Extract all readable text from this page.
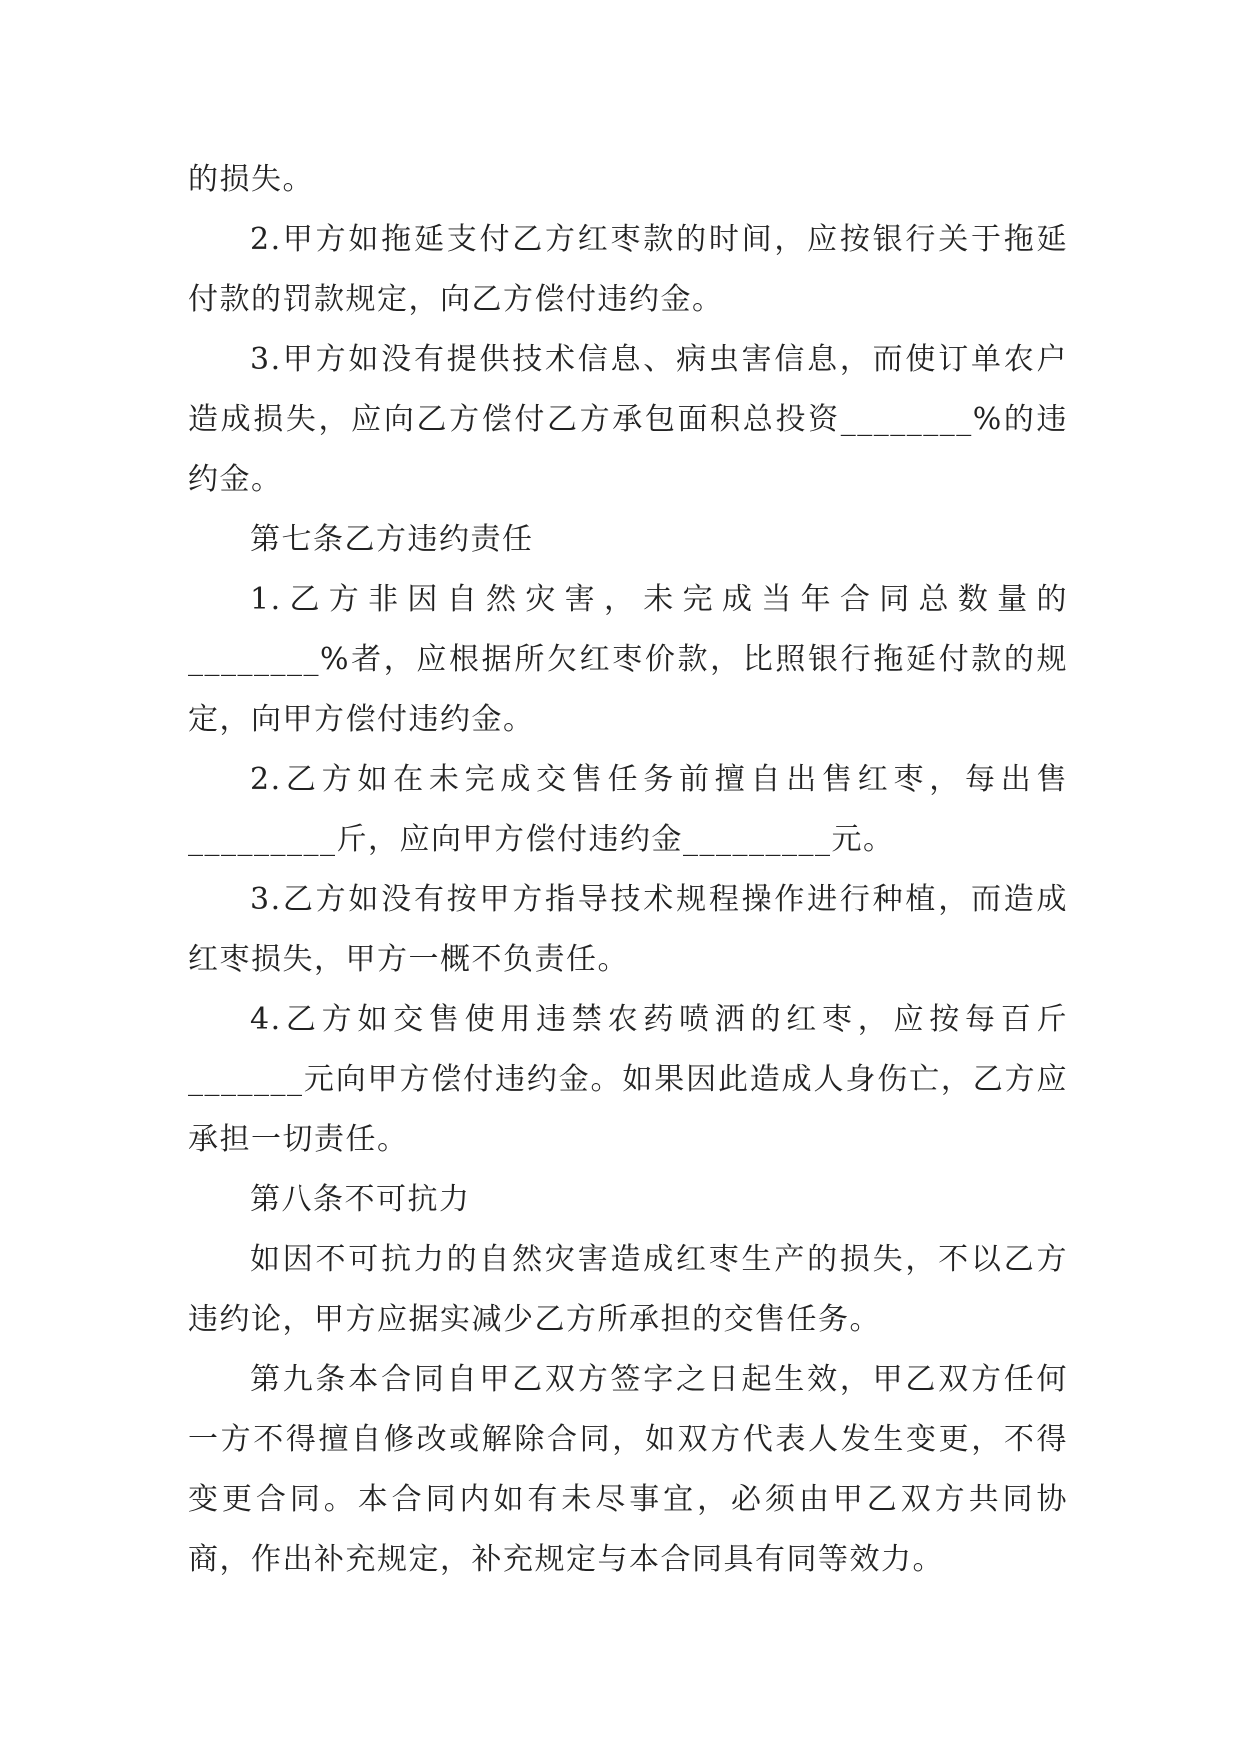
的损失。

2.甲方如拖延支付乙方红枣款的时间，应按银行关于拖延付款的罚款规定，向乙方偿付违约金。

3.甲方如没有提供技术信息、病虫害信息，而使订单农户造成损失，应向乙方偿付乙方承包面积总投资________%的违约金。

第七条乙方违约责任

1.乙方非因自然灾害，未完成当年合同总数量的________%者，应根据所欠红枣价款，比照银行拖延付款的规定，向甲方偿付违约金。

2.乙方如在未完成交售任务前擅自出售红枣，每出售_________斤，应向甲方偿付违约金_________元。

3.乙方如没有按甲方指导技术规程操作进行种植，而造成红枣损失，甲方一概不负责任。

4.乙方如交售使用违禁农药喷洒的红枣，应按每百斤_______元向甲方偿付违约金。如果因此造成人身伤亡，乙方应承担一切责任。

第八条不可抗力

如因不可抗力的自然灾害造成红枣生产的损失，不以乙方违约论，甲方应据实减少乙方所承担的交售任务。

第九条本合同自甲乙双方签字之日起生效，甲乙双方任何一方不得擅自修改或解除合同，如双方代表人发生变更，不得变更合同。本合同内如有未尽事宜，必须由甲乙双方共同协商，作出补充规定，补充规定与本合同具有同等效力。
